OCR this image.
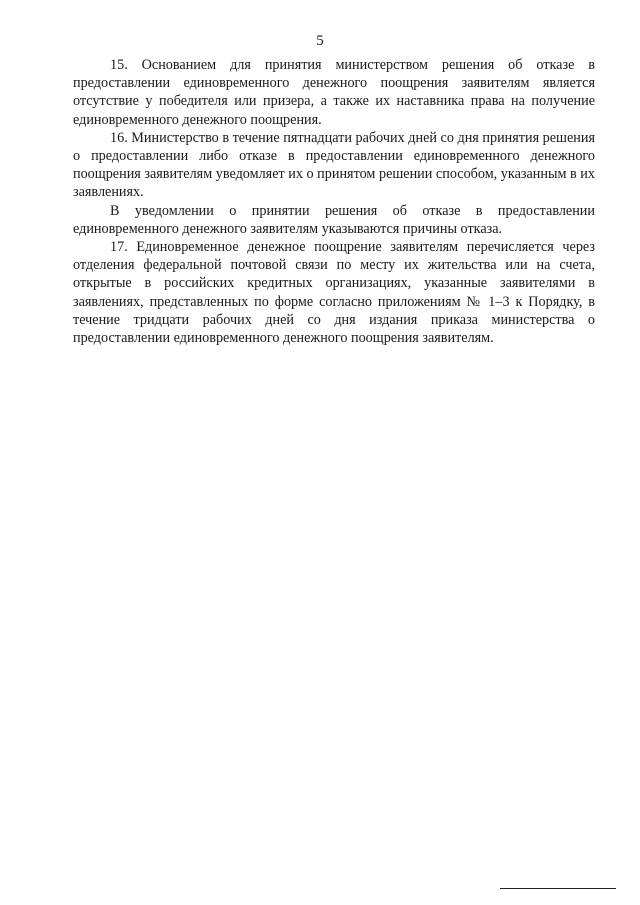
5

15. Основанием для принятия министерством решения об отказе в предоставлении единовременного денежного поощрения заявителям является отсутствие у победителя или призера, а также их наставника права на получение единовременного денежного поощрения.

16. Министерство в течение пятнадцати рабочих дней со дня принятия решения о предоставлении либо отказе в предоставлении единовременного денежного поощрения заявителям уведомляет их о принятом решении способом, указанным в их заявлениях.

В уведомлении о принятии решения об отказе в предоставлении единовременного денежного заявителям указываются причины отказа.

17. Единовременное денежное поощрение заявителям перечисляется через отделения федеральной почтовой связи по месту их жительства или на счета, открытые в российских кредитных организациях, указанные заявителями в заявлениях, представленных по форме согласно приложениям № 1–3 к Порядку, в течение тридцати рабочих дней со дня издания приказа министерства о предоставлении единовременного денежного поощрения заявителям.
